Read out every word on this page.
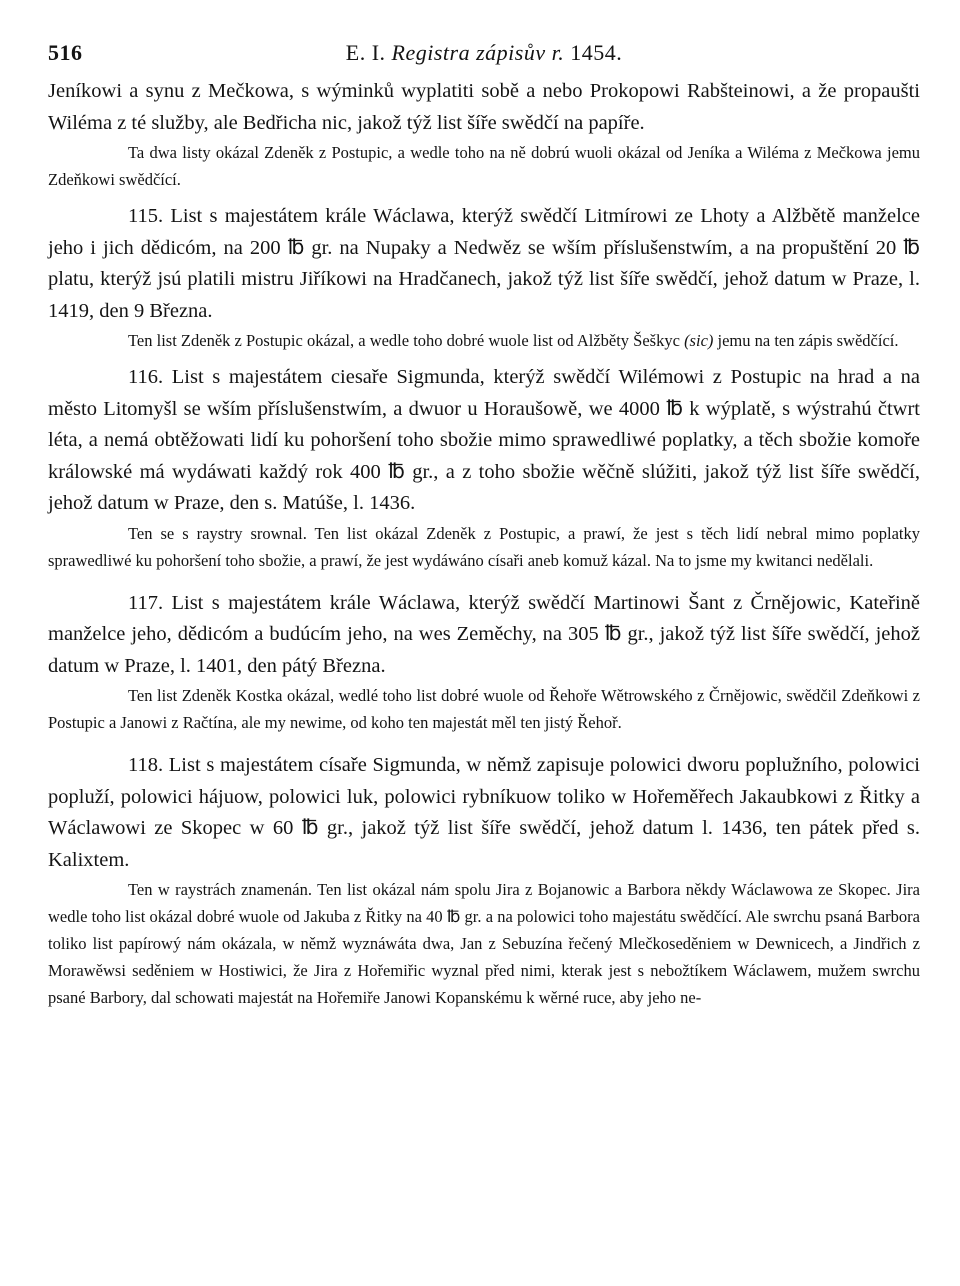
516	E. I. Registra zápisův r. 1454.

Jeníkowi a synu z Mečkowa, s wýminků wyplatiti sobě a nebo Prokopowi Rabšteinowi, a že propaušti Wiléma z té služby, ale Bedřicha nic, jakož týž list šíře swědčí na papíře.

Ta dwa listy okázal Zdeněk z Postupic, a wedle toho na ně dobrú wuoli okázal od Jeníka a Wiléma z Mečkowa jemu Zdeňkowi swědčící.

115. List s majestátem krále Wáclawa, kterýž swědčí Litmírowi ze Lhoty a Alžbětě manželce jeho i jich dědicóm, na 200 ℔ gr. na Nupaky a Nedwěz se wším příslušenstwím, a na propuštění 20 ℔ platu, kterýž jsú platili mistru Jiříkowi na Hradčanech, jakož týž list šíře swědčí, jehož datum w Praze, l. 1419, den 9 Března.

Ten list Zdeněk z Postupic okázal, a wedle toho dobré wuole list od Alžběty Šeškyc (sic) jemu na ten zápis swědčící.

116. List s majestátem ciesaře Sigmunda, kterýž swědčí Wilémowi z Postupic na hrad a na město Litomyšl se wším příslušenstwím, a dwuor u Horaušowě, we 4000 ℔ k wýplatě, s wýstrahú čtwrt léta, a nemá obtěžowati lidí ku pohoršení toho sbožie mimo sprawedliwé poplatky, a těch sbožie komoře králowské má wydáwati každý rok 400 ℔ gr., a z toho sbožie wěčně slúžiti, jakož týž list šíře swědčí, jehož datum w Praze, den s. Matúše, l. 1436.

Ten se s raystry srownal. Ten list okázal Zdeněk z Postupic, a prawí, že jest s těch lidí nebral mimo poplatky sprawedliwé ku pohoršení toho sbožie, a prawí, že jest wydáwáno císaři aneb komuž kázal. Na to jsme my kwitanci nedělali.

117. List s majestátem krále Wáclawa, kterýž swědčí Martinowi Šant z Črnějowic, Kateřině manželce jeho, dědicóm a budúcím jeho, na wes Zeměchy, na 305 ℔ gr., jakož týž list šíře swědčí, jehož datum w Praze, l. 1401, den pátý Března.

Ten list Zdeněk Kostka okázal, wedlé toho list dobré wuole od Řehoře Wětrowského z Črnějowic, swědčil Zdeňkowi z Postupic a Janowi z Račtína, ale my newime, od koho ten majestát měl ten jistý Řehoř.

118. List s majestátem císaře Sigmunda, w němž zapisuje polowici dworu poplužního, polowici popluží, polowici hájuow, polowici luk, polowici rybníkuow toliko w Hořeměřech Jakaubkowi z Řitky a Wáclawowi ze Skopec w 60 ℔ gr., jakož týž list šíře swědčí, jehož datum l. 1436, ten pátek před s. Kalixtem.

Ten w raystrách znamenán. Ten list okázal nám spolu Jira z Bojanowic a Barbora někdy Wáclawowa ze Skopec. Jira wedle toho list okázal dobré wuole od Jakuba z Řitky na 40 ℔ gr. a na polowici toho majestátu swědčící. Ale swrchu psaná Barbora toliko list papírowý nám okázala, w němž wyznáwáta dwa, Jan z Sebuzína řečený Mlečkoseděniem w Dewnicech, a Jindřich z Morawěwsi seděniem w Hostiwici, že Jira z Hořemiřic wyznal před nimi, kterak jest s nebožtíkem Wáclawem, mužem swrchu psané Barbory, dal schowati majestát na Hořemiře Janowi Kopanskému k wěrné ruce, aby jeho ne-
